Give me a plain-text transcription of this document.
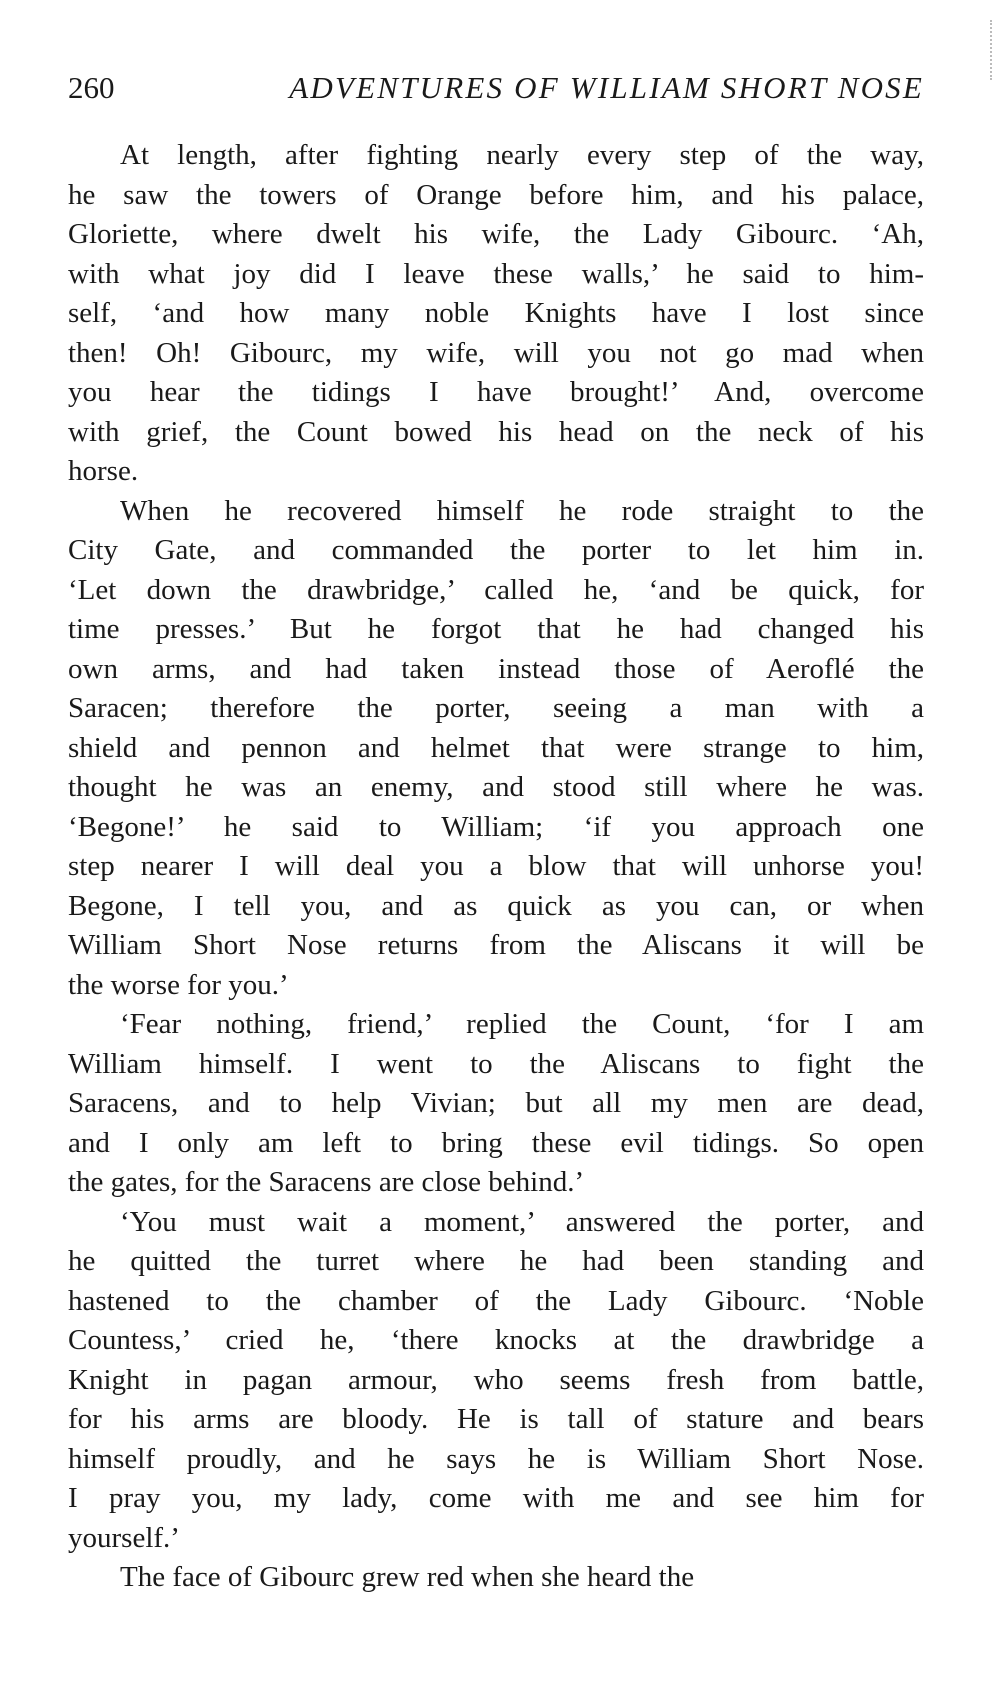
260	ADVENTURES OF WILLIAM SHORT NOSE
At length, after fighting nearly every step of the way,
he saw the towers of Orange before him, and his palace,
Gloriette, where dwelt his wife, the Lady Gibourc. ‘Ah,
with what joy did I leave these walls,’ he said to him-
self, ‘and how many noble Knights have I lost since
then! Oh! Gibourc, my wife, will you not go mad when
you hear the tidings I have brought!’ And, overcome
with grief, the Count bowed his head on the neck of his
horse.
When he recovered himself he rode straight to the
City Gate, and commanded the porter to let him in.
‘Let down the drawbridge,’ called he, ‘and be quick, for
time presses.’ But he forgot that he had changed his
own arms, and had taken instead those of Aeroflé the
Saracen; therefore the porter, seeing a man with a
shield and pennon and helmet that were strange to him,
thought he was an enemy, and stood still where he was.
‘Begone!’ he said to William; ‘if you approach one
step nearer I will deal you a blow that will unhorse you!
Begone, I tell you, and as quick as you can, or when
William Short Nose returns from the Aliscans it will be
the worse for you.’
‘Fear nothing, friend,’ replied the Count, ‘for I am
William himself. I went to the Aliscans to fight the
Saracens, and to help Vivian; but all my men are dead,
and I only am left to bring these evil tidings. So open
the gates, for the Saracens are close behind.’
‘You must wait a moment,’ answered the porter, and
he quitted the turret where he had been standing and
hastened to the chamber of the Lady Gibourc. ‘Noble
Countess,’ cried he, ‘there knocks at the drawbridge a
Knight in pagan armour, who seems fresh from battle,
for his arms are bloody. He is tall of stature and bears
himself proudly, and he says he is William Short Nose.
I pray you, my lady, come with me and see him for
yourself.’
The face of Gibourc grew red when she heard the
